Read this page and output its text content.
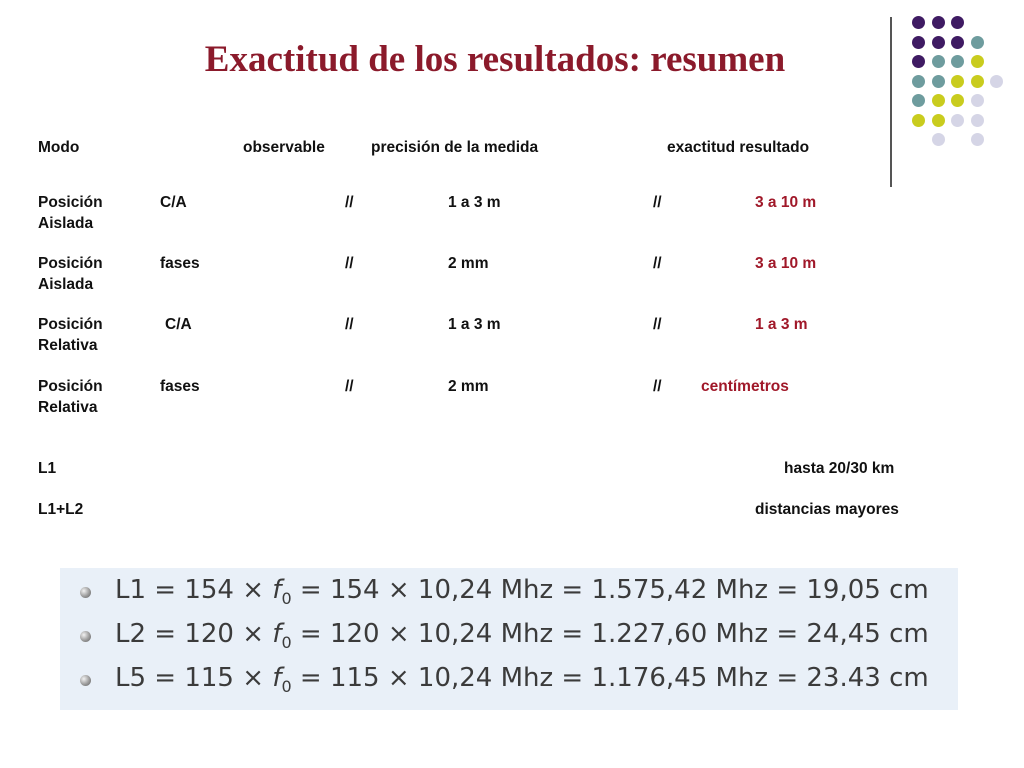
Exactitud de los resultados: resumen
Modo	observable	precisión de la medida	exactitud resultado
Posición
Aislada
C/A	//	1 a 3 m	//	3 a 10 m
Posición
Aislada
fases	//	2 mm	//	3 a 10 m
Posición
Relativa
C/A	//	1 a 3 m	//	1 a 3 m
Posición
Relativa
fases	//	2 mm	//	centímetros
L1	hasta 20/30 km
L1+L2	distancias mayores
$L1 = 154 \times f_0 = 154 \times 10,24$ Mhz = 1.575,42 Mhz = 19,05 cm
$L2 = 120 \times f_0 = 120 \times 10,24$ Mhz = 1.227,60 Mhz = 24,45 cm
$L5 = 115 \times f_0 = 115 \times 10,24$ Mhz = 1.176,45 Mhz = 23.43 cm
